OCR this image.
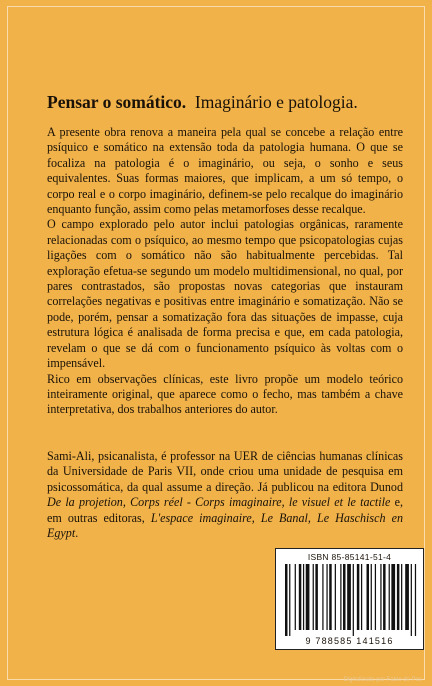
Pensar o somático. Imaginário e patologia.

A presente obra renova a maneira pela qual se concebe a relação entre psíquico e somático na extensão toda da patologia humana. O que se focaliza na patologia é o imaginário, ou seja, o sonho e seus equivalentes. Suas formas maiores, que implicam, a um só tempo, o corpo real e o corpo imaginário, definem-se pelo recalque do imaginário enquanto função, assim como pelas metamorfoses desse recalque.

O campo explorado pelo autor inclui patologias orgânicas, raramente relacionadas com o psíquico, ao mesmo tempo que psicopatologias cujas ligações com o somático não são habitualmente percebidas. Tal exploração efetua-se segundo um modelo multidimensional, no qual, por pares contrastados, são propostas novas categorias que instauram correlações negativas e positivas entre imaginário e somatização. Não se pode, porém, pensar a somatização fora das situações de impasse, cuja estrutura lógica é analisada de forma precisa e que, em cada patologia, revelam o que se dá com o funcionamento psíquico às voltas com o impensável.

Rico em observações clínicas, este livro propõe um modelo teórico inteiramente original, que aparece como o fecho, mas também a chave interpretativa, dos trabalhos anteriores do autor.

Sami-Ali, psicanalista, é professor na UER de ciências humanas clínicas da Universidade de Paris VII, onde criou uma unidade de pesquisa em psicossomática, da qual assume a direção. Já publicou na editora Dunod De la projetion, Corps réel - Corps imaginaire, le visuel et le tactile e, em outras editoras, L'espace imaginaire, Le Banal, Le Haschisch en Egypt.

ISBN 85-85141-51-4
9 788585 141516
Digitalizado por Fabio de Pos
